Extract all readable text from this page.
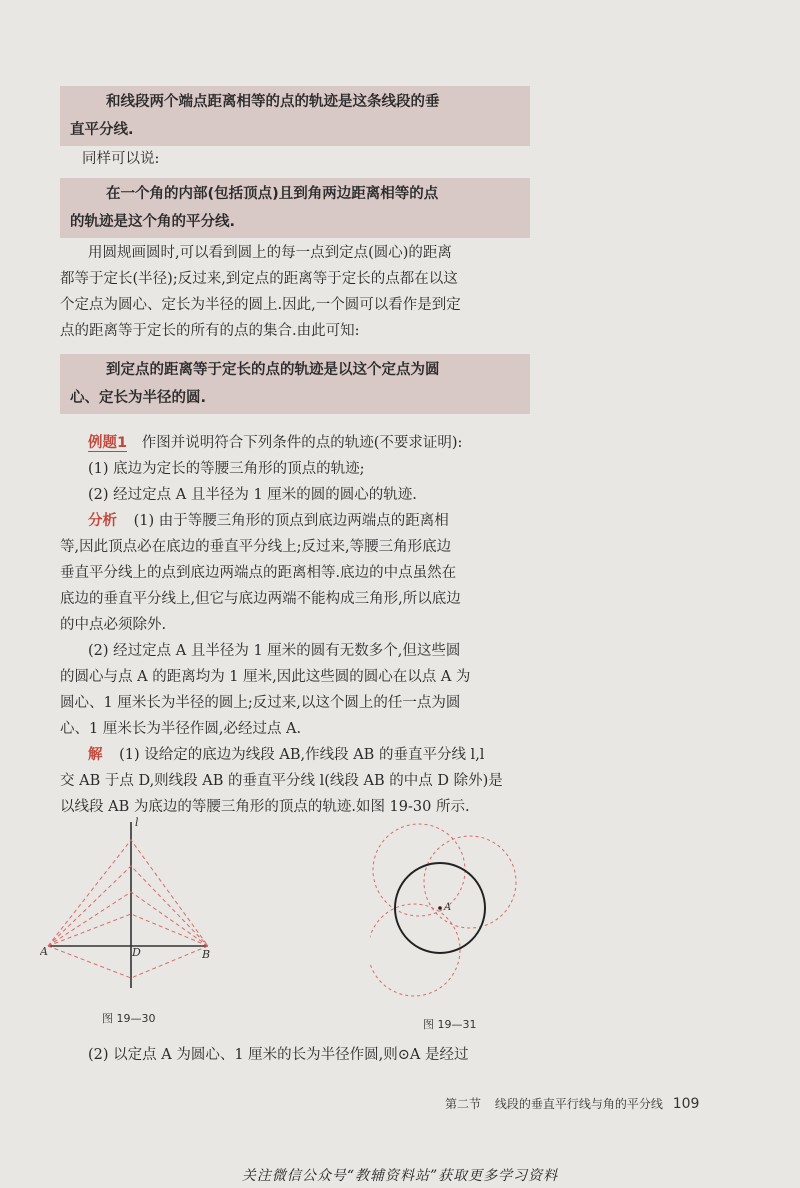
和线段两个端点距离相等的点的轨迹是这条线段的垂
直平分线.
同样可以说:
在一个角的内部(包括顶点)且到角两边距离相等的点
的轨迹是这个角的平分线.
用圆规画圆时,可以看到圆上的每一点到定点(圆心)的距离
都等于定长(半径);反过来,到定点的距离等于定长的点都在以这
个定点为圆心、定长为半径的圆上.因此,一个圆可以看作是到定
点的距离等于定长的所有的点的集合.由此可知:
到定点的距离等于定长的点的轨迹是以这个定点为圆
心、定长为半径的圆.
例题1 作图并说明符合下列条件的点的轨迹(不要求证明):
(1) 底边为定长的等腰三角形的顶点的轨迹;
(2) 经过定点 A 且半径为 1 厘米的圆的圆心的轨迹.
分析 (1) 由于等腰三角形的顶点到底边两端点的距离相
等,因此顶点必在底边的垂直平分线上;反过来,等腰三角形底边
垂直平分线上的点到底边两端点的距离相等.底边的中点虽然在
底边的垂直平分线上,但它与底边两端不能构成三角形,所以底边
的中点必须除外.
(2) 经过定点 A 且半径为 1 厘米的圆有无数多个,但这些圆
的圆心与点 A 的距离均为 1 厘米,因此这些圆的圆心在以点 A 为
圆心、1 厘米长为半径的圆上;反过来,以这个圆上的任一点为圆
心、1 厘米长为半径作圆,必经过点 A.
解 (1) 设给定的底边为线段 AB,作线段 AB 的垂直平分线 l,l
交 AB 于点 D,则线段 AB 的垂直平分线 l(线段 AB 的中点 D 除外)是
以线段 AB 为底边的等腰三角形的顶点的轨迹.如图 19-30 所示.
l
A	D	B
图 19—30
A
图 19—31
(2) 以定点 A 为圆心、1 厘米的长为半径作圆,则⊙A 是经过
第二节 线段的垂直平行线与角的平分线 109
关注微信公众号“教辅资料站”获取更多学习资料
